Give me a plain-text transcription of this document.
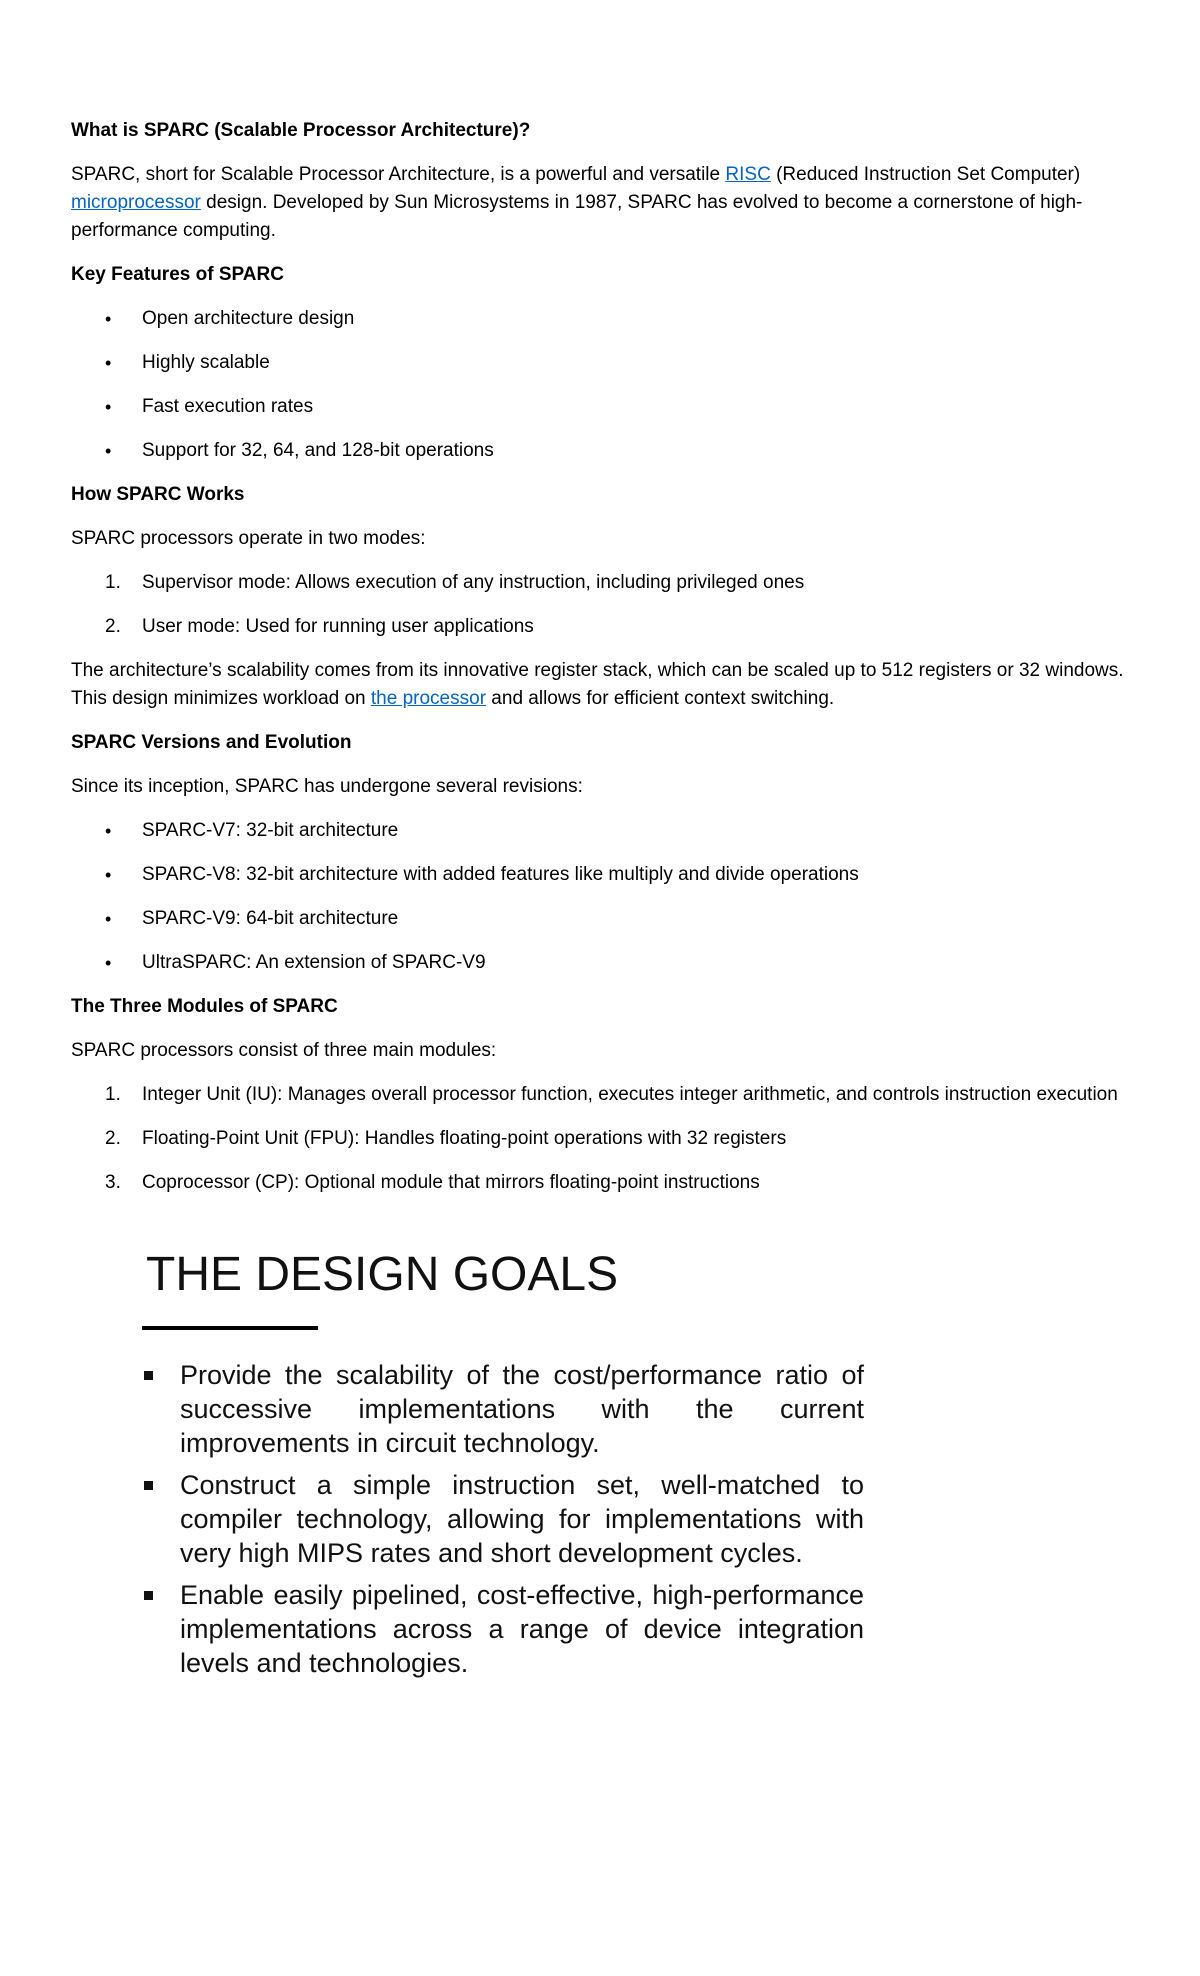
What is SPARC (Scalable Processor Architecture)?

SPARC, short for Scalable Processor Architecture, is a powerful and versatile RISC (Reduced Instruction Set Computer) microprocessor design. Developed by Sun Microsystems in 1987, SPARC has evolved to become a cornerstone of high-performance computing.

Key Features of SPARC
• Open architecture design
• Highly scalable
• Fast execution rates
• Support for 32, 64, and 128-bit operations
How SPARC Works

SPARC processors operate in two modes:

1. Supervisor mode: Allows execution of any instruction, including privileged ones
2. User mode: Used for running user applications

The architecture’s scalability comes from its innovative register stack, which can be scaled up to 512 registers or 32 windows. This design minimizes workload on the processor and allows for efficient context switching.

SPARC Versions and Evolution

Since its inception, SPARC has undergone several revisions:

• SPARC-V7: 32-bit architecture
• SPARC-V8: 32-bit architecture with added features like multiply and divide operations
• SPARC-V9: 64-bit architecture
• UltraSPARC: An extension of SPARC-V9
The Three Modules of SPARC

SPARC processors consist of three main modules:

1. Integer Unit (IU): Manages overall processor function, executes integer arithmetic, and controls instruction execution
2. Floating-Point Unit (FPU): Handles floating-point operations with 32 registers
3. Coprocessor (CP): Optional module that mirrors floating-point instructions
THE DESIGN GOALS
Provide the scalability of the cost/performance ratio of successive implementations with the current improvements in circuit technology.
Construct a simple instruction set, well-matched to compiler technology, allowing for implementations with very high MIPS rates and short development cycles.
Enable easily pipelined, cost-effective, high-performance implementations across a range of device integration levels and technologies.
